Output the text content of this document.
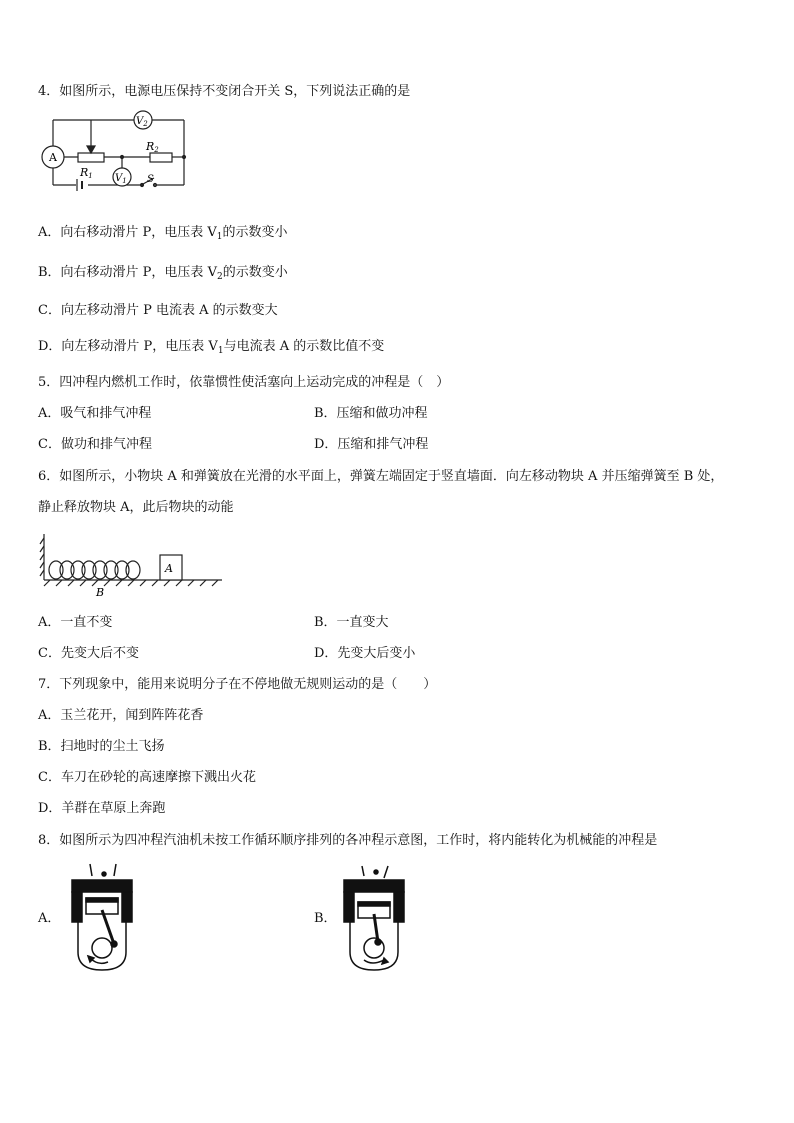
4．如图所示，电源电压保持不变闭合开关 S，下列说法正确的是
A
$V_2$
$V_1$
R1
R2
S
A．向右移动滑片 P，电压表 $V_1$的示数变小
B．向右移动滑片 P，电压表 $V_2$的示数变小
C．向左移动滑片 P 电流表 A 的示数变大
D．向左移动滑片 P，电压表 $V_1$与电流表 A 的示数比值不变
5．四冲程内燃机工作时，依靠惯性使活塞向上运动完成的冲程是（　）
A．吸气和排气冲程	B．压缩和做功冲程
C．做功和排气冲程	D．压缩和排气冲程
6．如图所示，小物块 A 和弹簧放在光滑的水平面上，弹簧左端固定于竖直墙面．向左移动物块 A 并压缩弹簧至 B 处，
静止释放物块 A，此后物块的动能
A
B
A．一直不变	B．一直变大
C．先变大后不变	D．先变大后变小
7．下列现象中，能用来说明分子在不停地做无规则运动的是（　　）
A．玉兰花开，闻到阵阵花香
B．扫地时的尘土飞扬
C．车刀在砂轮的高速摩擦下溅出火花
D．羊群在草原上奔跑
8．如图所示为四冲程汽油机未按工作循环顺序排列的各冲程示意图，工作时，将内能转化为机械能的冲程是
A．	B．
